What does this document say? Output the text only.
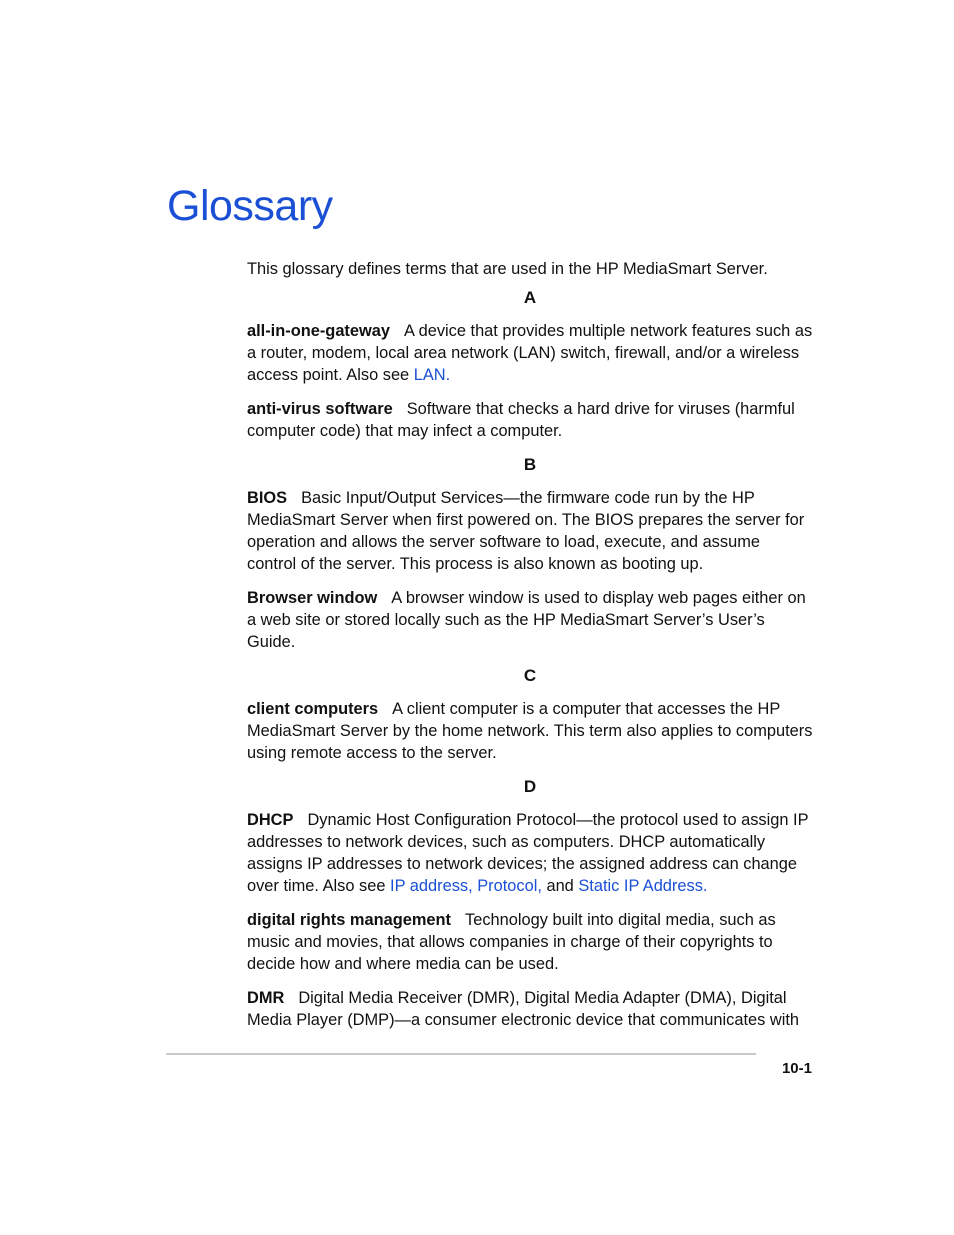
Glossary

This glossary defines terms that are used in the HP MediaSmart Server.

A

all-in-one-gateway A device that provides multiple network features such as a router, modem, local area network (LAN) switch, firewall, and/or a wireless access point. Also see LAN.

anti-virus software Software that checks a hard drive for viruses (harmful computer code) that may infect a computer.

B

BIOS Basic Input/Output Services—the firmware code run by the HP MediaSmart Server when first powered on. The BIOS prepares the server for operation and allows the server software to load, execute, and assume control of the server. This process is also known as booting up.

Browser window A browser window is used to display web pages either on a web site or stored locally such as the HP MediaSmart Server’s User’s Guide.

C

client computers A client computer is a computer that accesses the HP MediaSmart Server by the home network. This term also applies to computers using remote access to the server.

D

DHCP Dynamic Host Configuration Protocol—the protocol used to assign IP addresses to network devices, such as computers. DHCP automatically assigns IP addresses to network devices; the assigned address can change over time. Also see IP address, Protocol, and Static IP Address.

digital rights management Technology built into digital media, such as music and movies, that allows companies in charge of their copyrights to decide how and where media can be used.

DMR Digital Media Receiver (DMR), Digital Media Adapter (DMA), Digital Media Player (DMP)—a consumer electronic device that communicates with

10-1
